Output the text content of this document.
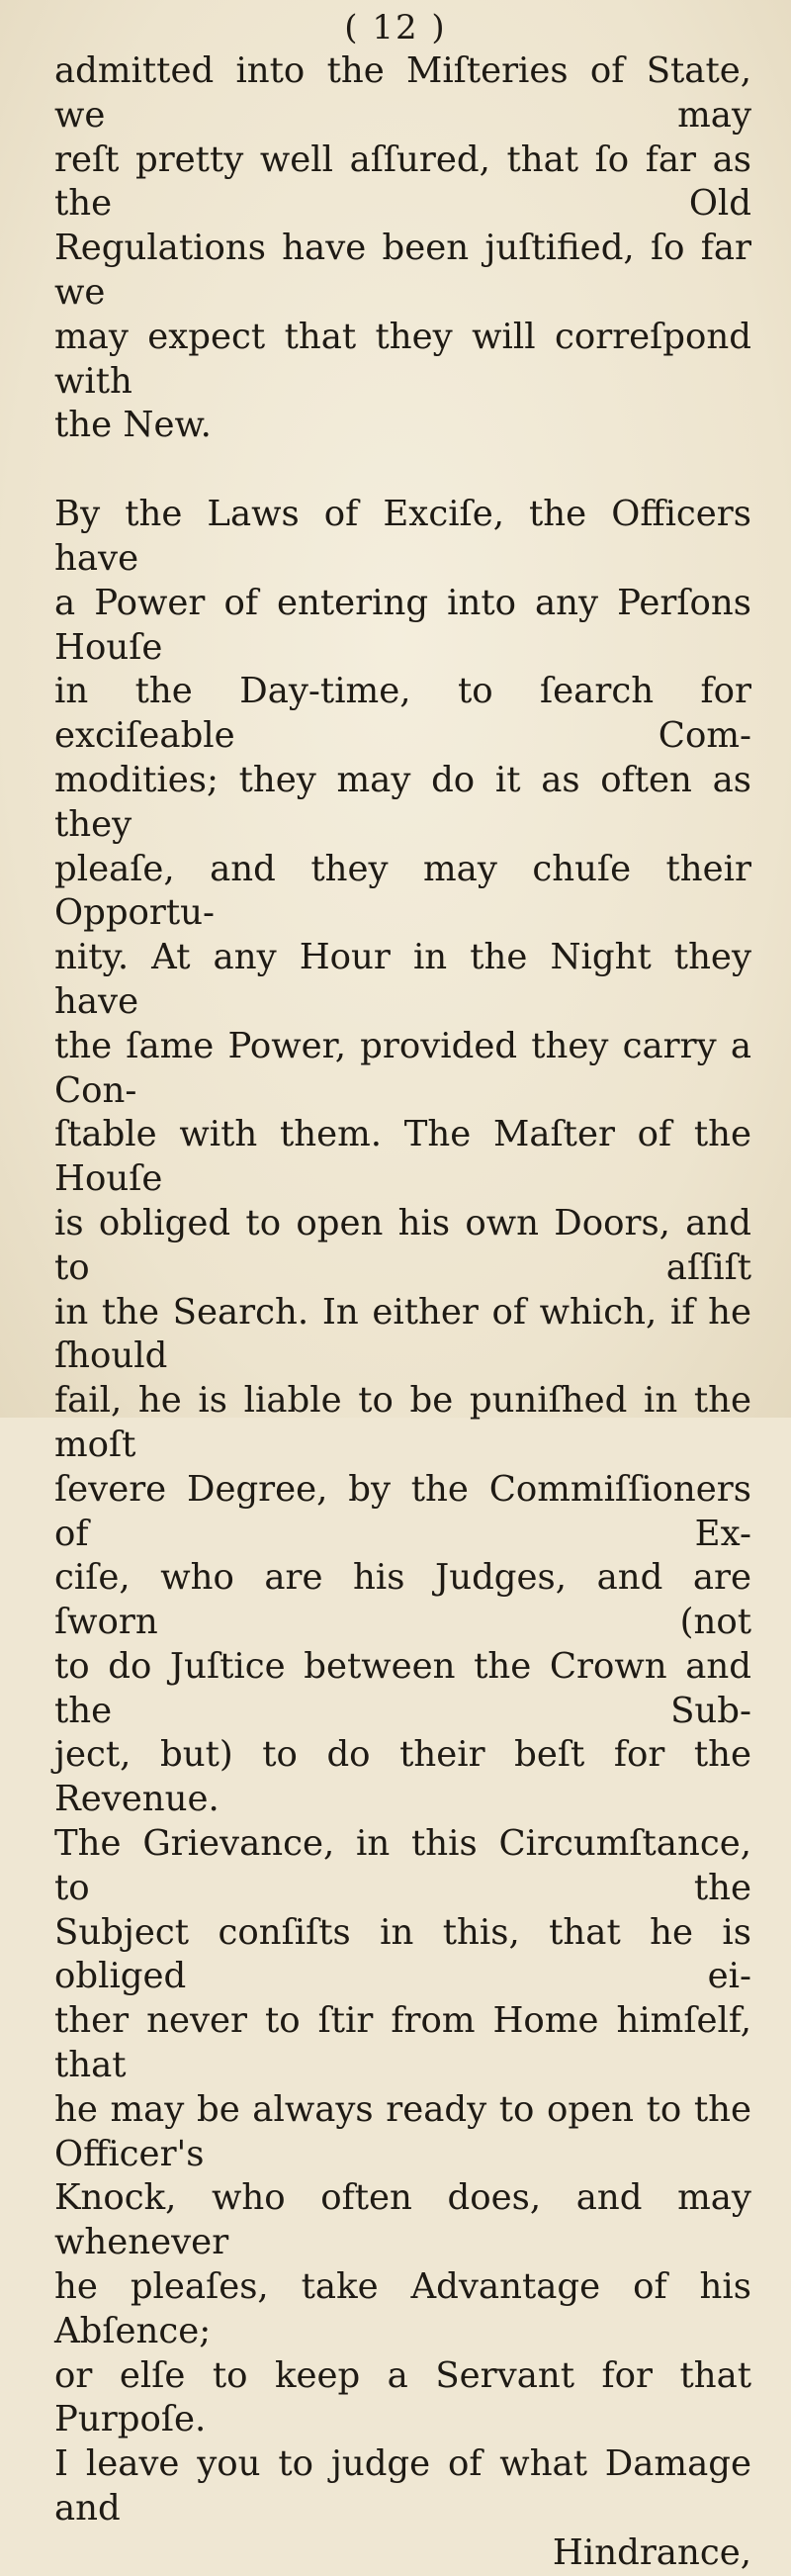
( 12 )
admitted into the Miſteries of State, we may
reſt pretty well aſſured, that ſo far as the Old
Regulations have been juſtified, ſo far we
may expect that they will correſpond with
the New.
By the Laws of Exciſe, the Officers have
a Power of entering into any Perſons Houſe
in the Day-time, to ſearch for exciſeable Com-
modities; they may do it as often as they
pleaſe, and they may chuſe their Opportu-
nity. At any Hour in the Night they have
the ſame Power, provided they carry a Con-
ſtable with them. The Maſter of the Houſe
is obliged to open his own Doors, and to aſſiſt
in the Search. In either of which, if he ſhould
fail, he is liable to be puniſhed in the moſt
ſevere Degree, by the Commiſſioners of Ex-
ciſe, who are his Judges, and are ſworn (not
to do Juſtice between the Crown and the Sub-
ject, but) to do their beſt for the Revenue.
The Grievance, in this Circumſtance, to the
Subject conſiſts in this, that he is obliged ei-
ther never to ſtir from Home himſelf, that
he may be always ready to open to the Officer's
Knock, who often does, and may whenever
he pleaſes, take Advantage of his Abſence;
or elſe to keep a Servant for that Purpoſe.
I leave you to judge of what Damage and
Hindrance,
